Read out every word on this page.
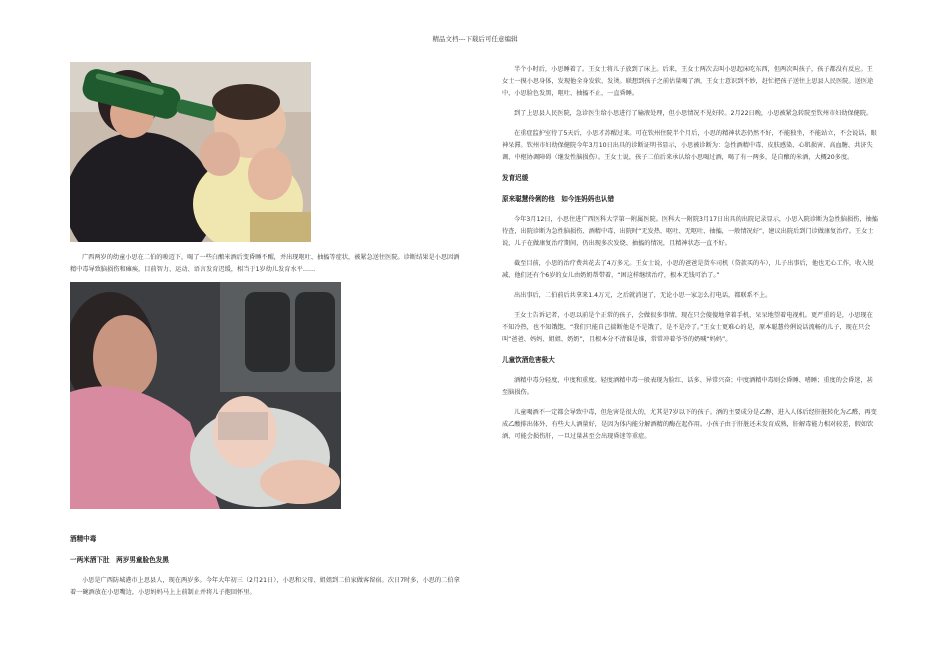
精品文档---下载后可任意编辑

广西两岁的幼童小思在二伯的唆迈下，喝了一些白酿米酒后变昏睡不醒，并出现呕吐、抽搐等症状，被紧急送往医院。诊断结果是小思因酒精中毒导致脑损伤和瘫痪，目前智力、运动、语言发育迟缓，相当于1岁幼儿发育水平……

酒精中毒

一两米酒下肚　两岁男童脸色发黑

小思是广西防城港市上思县人，现在两岁多。今年大年初三（2月21日），小思和父母、姐姐到二伯家做客留宿。次日7时多，小思的二伯拿着一碗酒放在小思嘴边，小思妈妈马上上前制止并将儿子抱回怀里。

半个小时后，小思睡着了。王女士将儿子放到了床上。后来，王女士两次去叫小思起床吃东西，但两次叫孩子，孩子都没有反应。王女士一摸小思身体，发现他全身发软、发烫。联想到孩子之前估量喝了酒，王女士意识到不妙，赶忙把孩子送往上思县人民医院。送医途中，小思脸色发黑，呕吐、抽搐不止，一直昏睡。

到了上思县人民医院，急诊医生给小思进行了输液处理，但小思情况不见好转。2月22日晚，小思被紧急转院至钦州市妇幼保健院。

在重症监护室待了5天后，小思才苏醒过来。可在钦州住院半个月后，小思的精神状态仍然不好，不能独坐，不能站立，不会说话，眼神呆滞。钦州市妇幼保健院今年3月10日出具的诊断证明书显示，小思被诊断为：急性酒精中毒、皮肤感染、心肌损害、高血糖、共济失调、中枢协调障碍（继发性脑损伤）。王女士说，孩子二伯后来承认给小思喝过酒，喝了有一两多，是自酿的米酒，大概20多度。

发育迟缓

原来聪慧伶俐的他　如今连妈妈也认错

今年3月12日，小思住进广西医科大学第一附属医院。医科大一附院3月17日出具的出院记录显示，小思入院诊断为急性脑损伤，抽搐待查，出院诊断为急性脑损伤、酒精中毒，出院时“无发热、呕吐、无呕吐、抽搐，一般情况好”，建议出院后到门诊做康复治疗。王女士说，儿子在做康复治疗期间，仍出现多次发烧、抽搐的情况，且精神状态一直不好。

截至目前，小思的治疗费共花去了4万多元。王女士说，小思的爸爸是货车司机（贷款买的车），儿子出事后，他也无心工作，收入锐减，他们还有个6岁的女儿由奶奶帮带着，“困这样继续治疗，根本无钱可治了。”

出出事后，二伯前后共拿来1.4万元，之后就消退了，无论小思一家怎么打电话，都联系不上。

王女士告诉记者，小思以前是个正常的孩子，会做很多事情，现在只会傻傻地拿着手机，呆呆地望着电视机。更严重的是，小思现在不知冷热，也不知饿饱，“我们只能自己揣断他是不是饿了，是不是冷了。”王女士更难心的是，原本聪慧伶俐说话流畅的儿子，现在只会叫“爸爸、妈妈、姐姐、奶奶”，且根本分不清谁是谁，常常冲着爷爷的奶喊“妈妈”。

儿童饮酒危害极大

酒精中毒分轻度、中度和重度。轻度酒精中毒一般表现为脸红、话多、异常兴奋；中度酒精中毒则会昏睡、嗜睡；重度的会昏迷，甚至脑损伤。

儿童喝酒不一定都会导致中毒，但危害是很大的，尤其是7岁以下的孩子。酒的主要成分是乙醇，进入人体后经肝脏转化为乙醛，再变成乙酸排出体外，有些大人酒量好，是因为体内能分解酒精的酶在起作用。小孩子由于肝脏还未发育成熟，肝解毒能力相对较差，假如饮酒，可能会损伤肝，一旦过量甚至会出现昏迷等重症。
